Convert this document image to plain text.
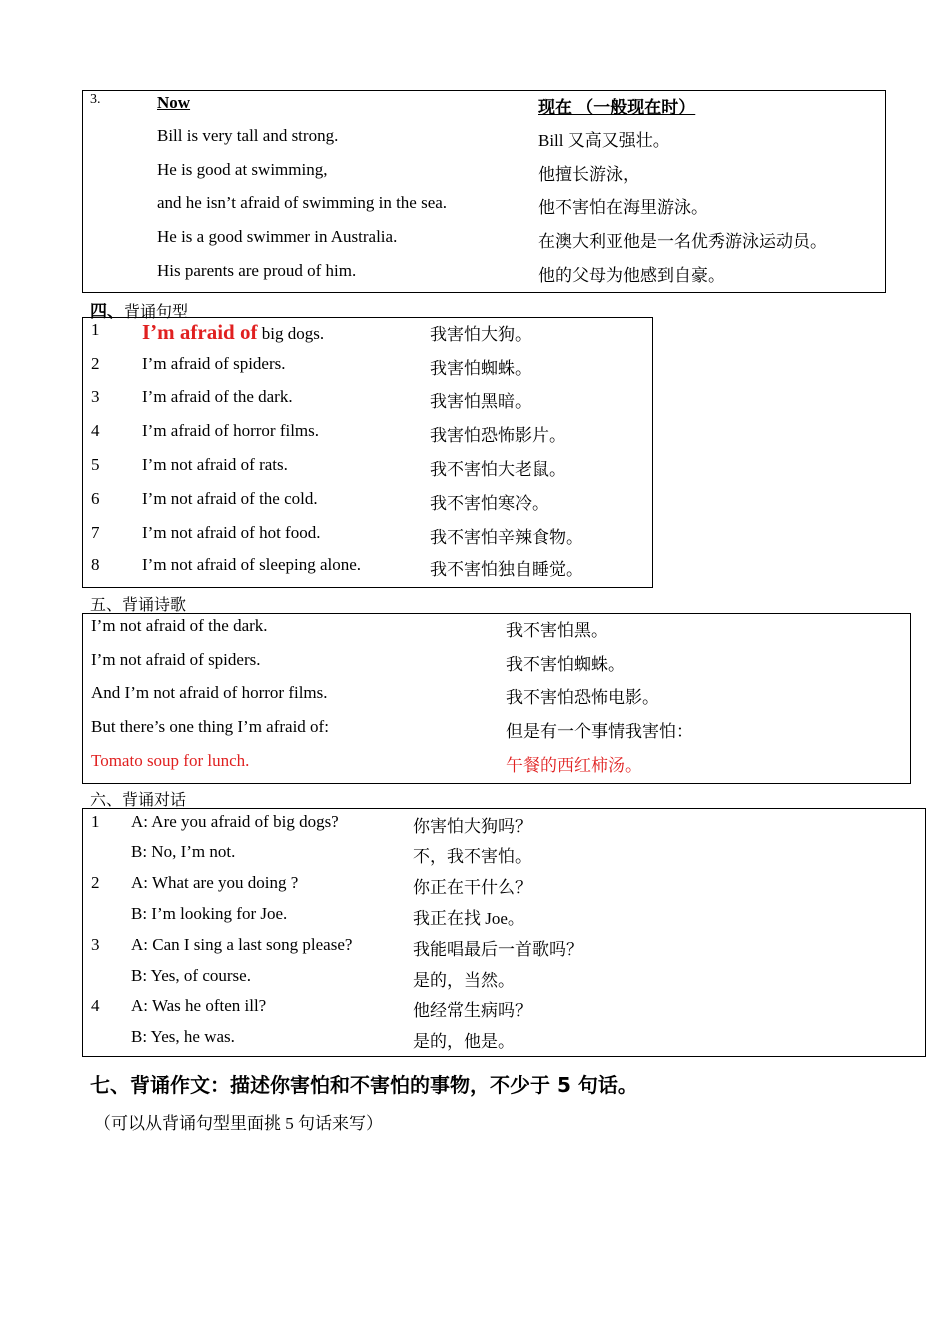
3.	Now	现在 （一般现在时）
Bill is very tall and strong.	Bill 又高又强壮。
He is good at swimming,	他擅长游泳，
and he isn’t afraid of swimming in the sea.	他不害怕在海里游泳。
He is a good swimmer in Australia.	在澳大利亚他是一名优秀游泳运动员。
His parents are proud of him.	他的父母为他感到自豪。
四、背诵句型
1 I’m afraid of big dogs.	我害怕大狗。
2	I’m afraid of spiders.	我害怕蜘蛛。
3	I’m afraid of the dark.	我害怕黑暗。
4	I’m afraid of horror films.	我害怕恐怖影片。
5	I’m not afraid of rats.	我不害怕大老鼠。
6	I’m not afraid of the cold.	我不害怕寒冷。
7	I’m not afraid of hot food.	我不害怕辛辣食物。
8	I’m not afraid of sleeping alone.	我不害怕独自睡觉。
五、背诵诗歌
I’m not afraid of the dark.	我不害怕黑。
I’m not afraid of spiders.	我不害怕蜘蛛。
And I’m not afraid of horror films.	我不害怕恐怖电影。
But there’s one thing I’m afraid of:	但是有一个事情我害怕：
Tomato soup for lunch.	午餐的西红柿汤。
六、背诵对话
1 A: Are you afraid of big dogs?	你害怕大狗吗？
B: No, I’m not.	不，我不害怕。
2 A: What are you doing ?	你正在干什么？
B: I’m looking for Joe.	我正在找 Joe。
3 A: Can I sing a last song please?	我能唱最后一首歌吗？
B: Yes, of course.	是的，当然。
4 A: Was he often ill?	他经常生病吗？
B: Yes, he was.	是的，他是。
七、背诵作文：描述你害怕和不害怕的事物，不少于 5 句话。
（可以从背诵句型里面挑 5 句话来写）
